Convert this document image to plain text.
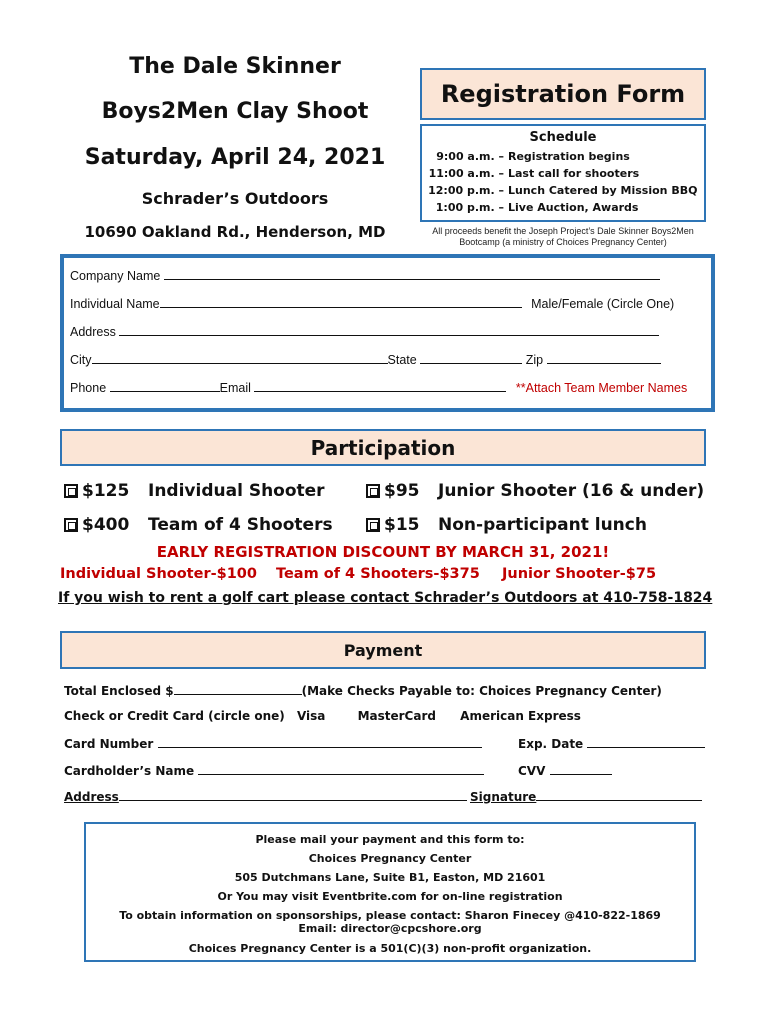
The Dale Skinner
Boys2Men Clay Shoot
Saturday, April 24, 2021
Schrader’s Outdoors
10690 Oakland Rd., Henderson, MD
Registration Form
Schedule
9:00 a.m. – Registration begins
11:00 a.m. – Last call for shooters
12:00 p.m. – Lunch Catered by Mission BBQ
1:00 p.m. – Live Auction, Awards
All proceeds benefit the Joseph Project’s Dale Skinner Boys2Men Bootcamp (a ministry of Choices Pregnancy Center)
Company Name
Individual Name	Male/Female (Circle One)
Address
City	State	Zip
Phone	Email	**Attach Team Member Names
Participation
$125	Individual Shooter	$95	Junior Shooter (16 & under)
$400	Team of 4 Shooters	$15	Non-participant lunch
EARLY REGISTRATION DISCOUNT BY MARCH 31, 2021!
Individual Shooter-$100 Team of 4 Shooters-$375 Junior Shooter-$75
If you wish to rent a golf cart please contact Schrader’s Outdoors at 410-758-1824
Payment
Total Enclosed $	(Make Checks Payable to: Choices Pregnancy Center)
Check or Credit Card (circle one) Visa	MasterCard American Express
Card Number	Exp. Date
Cardholder’s Name	CVV
Address	Signature
Please mail your payment and this form to:
Choices Pregnancy Center
505 Dutchmans Lane, Suite B1, Easton, MD 21601
Or You may visit Eventbrite.com for on-line registration
To obtain information on sponsorships, please contact: Sharon Finecey @410-822-1869
Email: director@cpcshore.org
Choices Pregnancy Center is a 501(C)(3) non-profit organization.
